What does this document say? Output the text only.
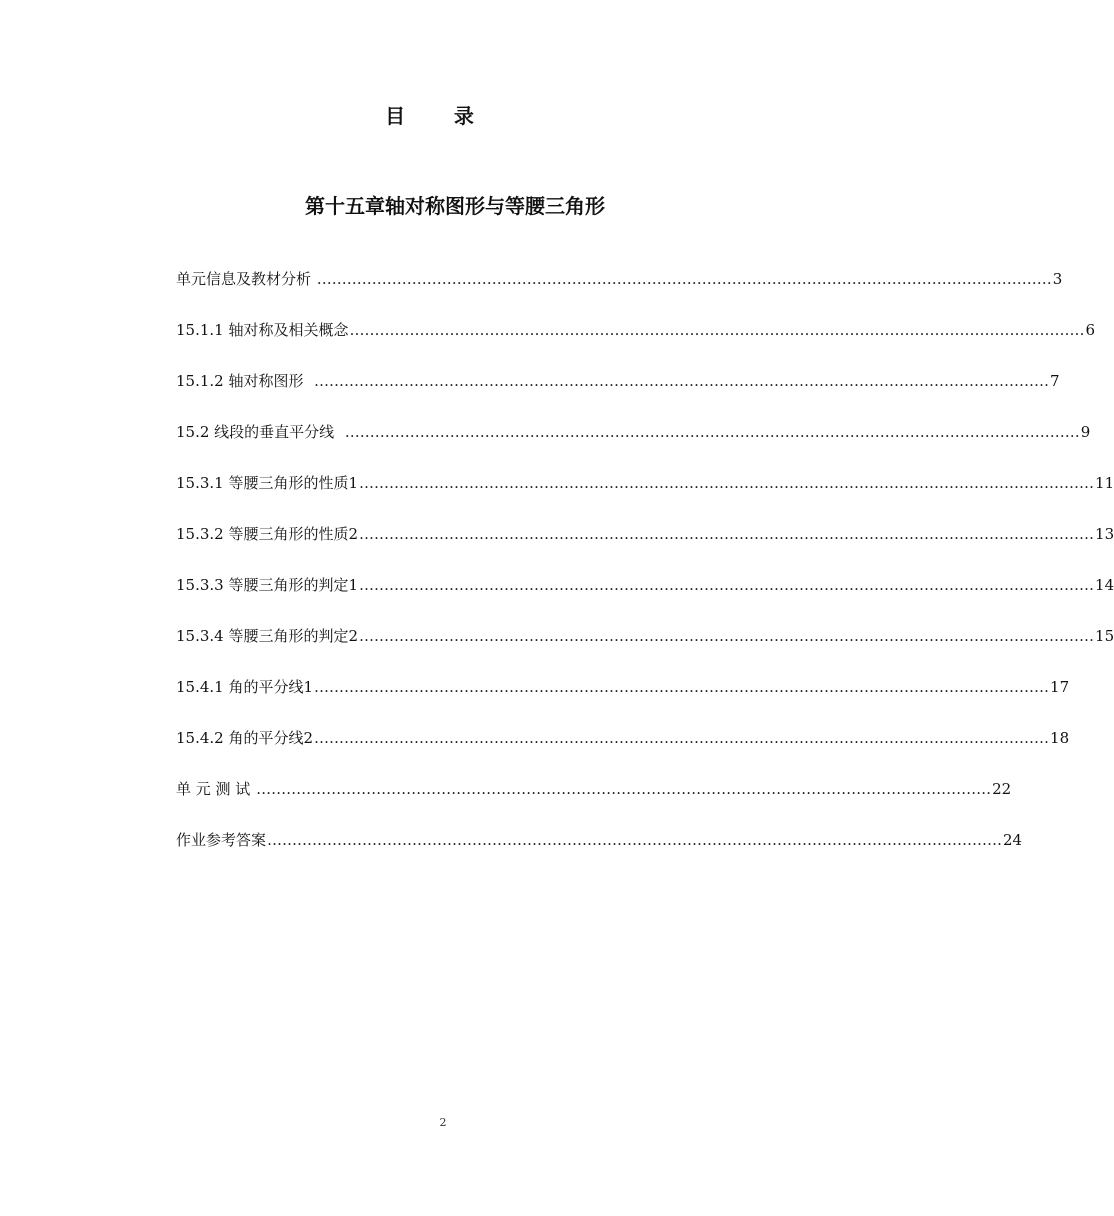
目      录
第十五章轴对称图形与等腰三角形
单元信息及教材分析 ………………………………………………………………………………………………………………………………… 3
15.1.1 轴对称及相关概念 ………………………………………………………………………………………………………………………………… 6
15.1.2 轴对称图形 ………………………………………………………………………………………………………………………………… 7
15.2 线段的垂直平分线 ………………………………………………………………………………………………………………………………… 9
15.3.1 等腰三角形的性质1 ………………………………………………………………………………………………………………………………… 11
15.3.2 等腰三角形的性质2 ………………………………………………………………………………………………………………………………… 13
15.3.3 等腰三角形的判定1 ………………………………………………………………………………………………………………………………… 14
15.3.4 等腰三角形的判定2 ………………………………………………………………………………………………………………………………… 15
15.4.1 角的平分线1 ………………………………………………………………………………………………………………………………… 17
15.4.2 角的平分线2 ………………………………………………………………………………………………………………………………… 18
单 元 测 试 ………………………………………………………………………………………………………………………………… 22
作业参考答案 ………………………………………………………………………………………………………………………………… 24

2
